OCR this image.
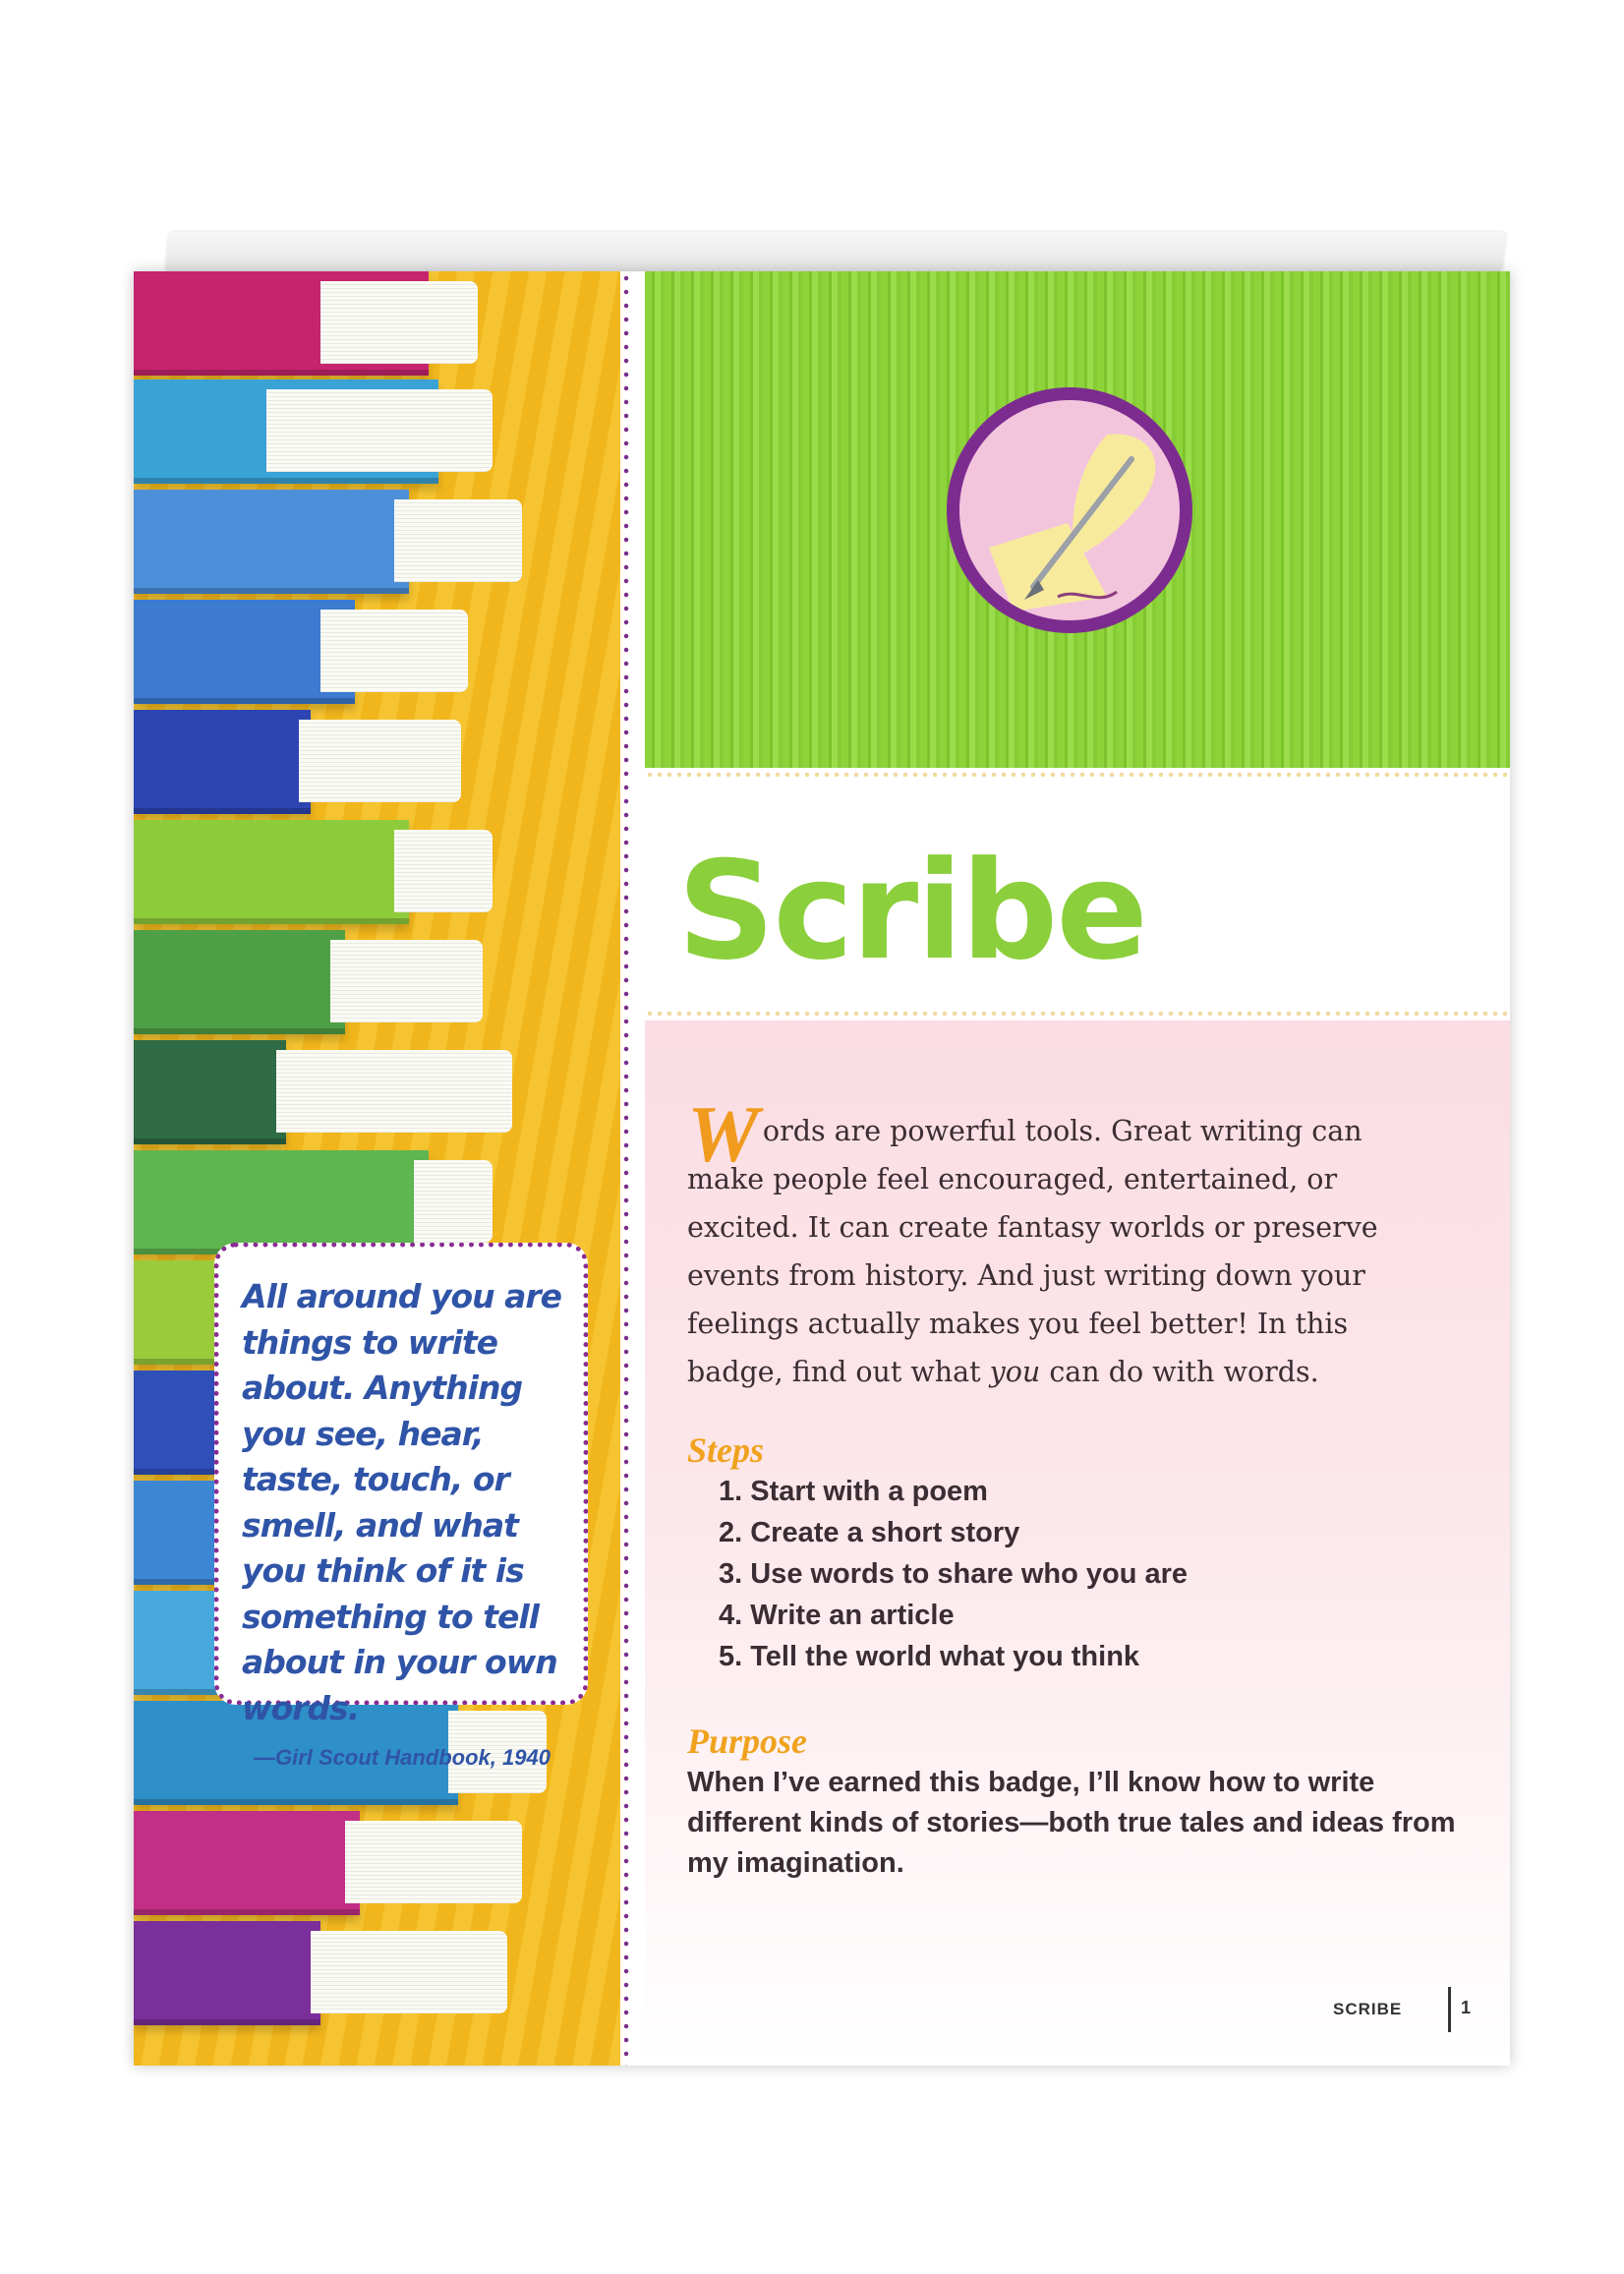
Scribe
Words are powerful tools. Great writing can make people feel encouraged, entertained, or excited. It can create fantasy worlds or preserve events from history. And just writing down your feelings actually makes you feel better! In this badge, find out what you can do with words.
Steps
1. Start with a poem
2. Create a short story
3. Use words to share who you are
4. Write an article
5. Tell the world what you think
Purpose
When I’ve earned this badge, I’ll know how to write different kinds of stories—both true tales and ideas from my imagination.
SCRIBE	1
All around you are things to write about. Anything you see, hear, taste, touch, or smell, and what you think of it is something to tell about in your own words.
—Girl Scout Handbook, 1940
